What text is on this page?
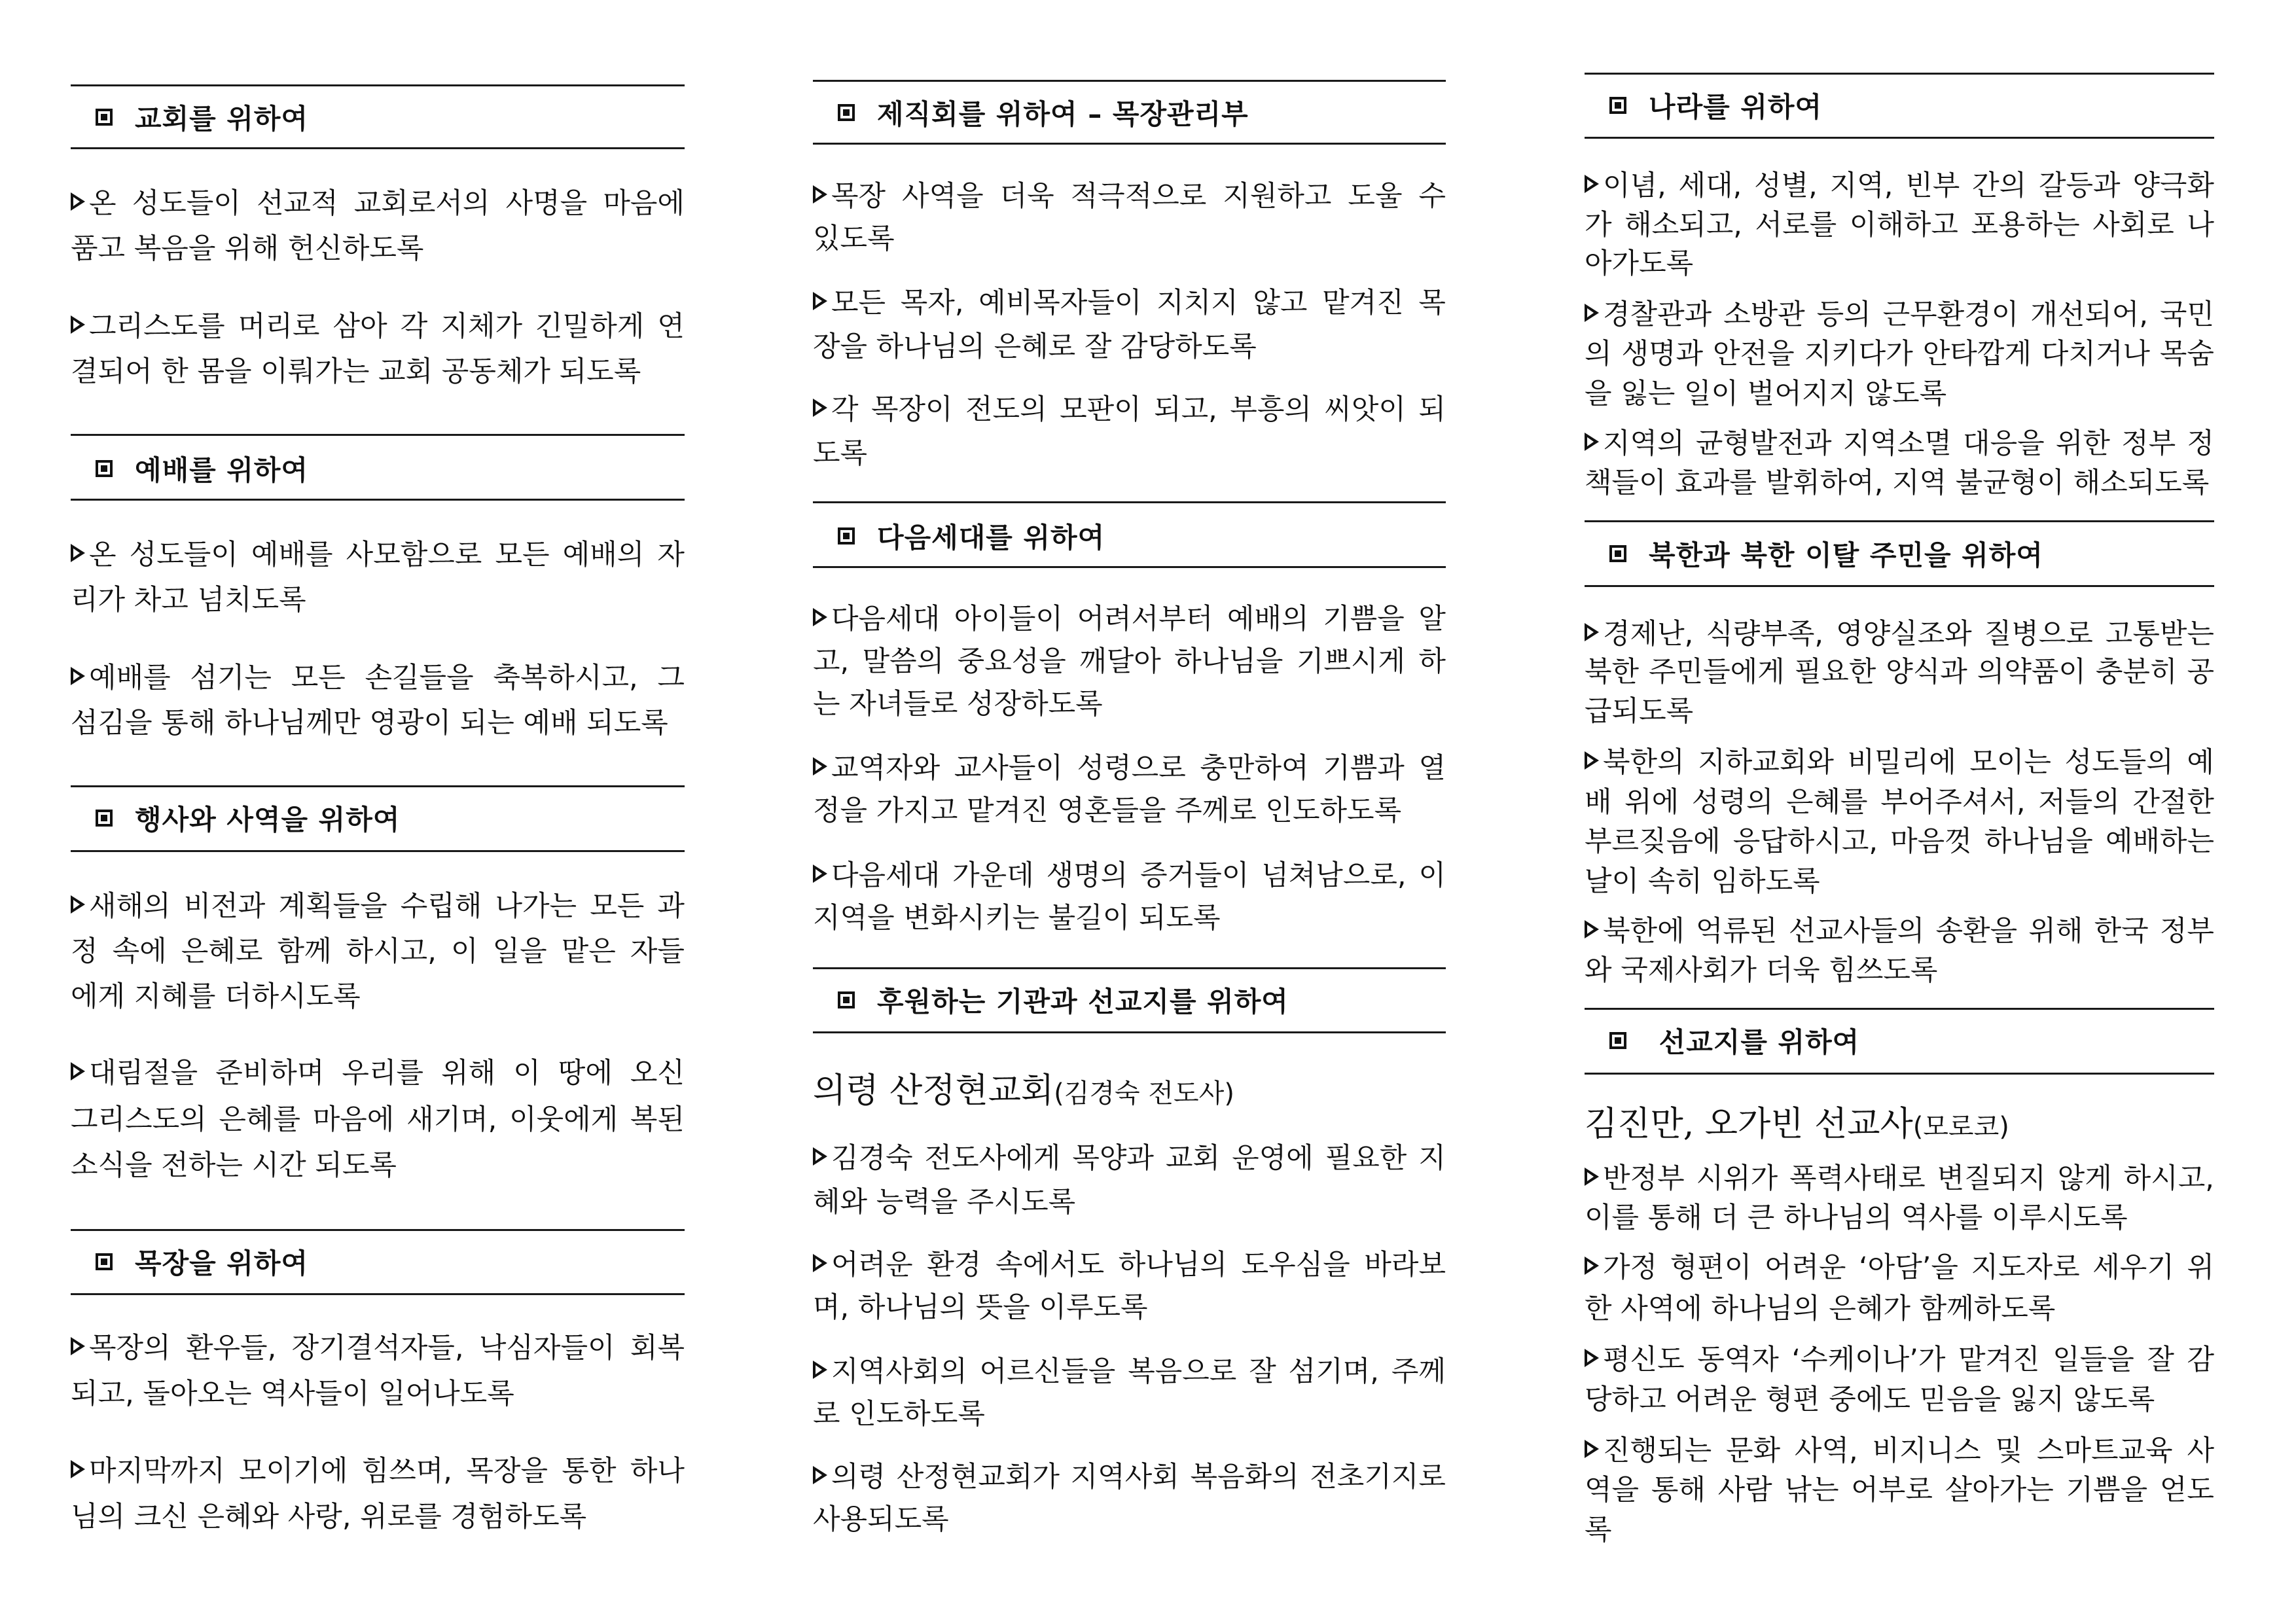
교회를 위하여
온 성도들이 선교적 교회로서의 사명을 마음에
품고 복음을 위해 헌신하도록
그리스도를 머리로 삼아 각 지체가 긴밀하게 연
결되어 한 몸을 이뤄가는 교회 공동체가 되도록
예배를 위하여
온 성도들이 예배를 사모함으로 모든 예배의 자
리가 차고 넘치도록
예배를 섬기는 모든 손길들을 축복하시고, 그
섬김을 통해 하나님께만 영광이 되는 예배 되도록
행사와 사역을 위하여
새해의 비전과 계획들을 수립해 나가는 모든 과
정 속에 은혜로 함께 하시고, 이 일을 맡은 자들
에게 지혜를 더하시도록
대림절을 준비하며 우리를 위해 이 땅에 오신
그리스도의 은혜를 마음에 새기며, 이웃에게 복된
소식을 전하는 시간 되도록
목장을 위하여
목장의 환우들, 장기결석자들, 낙심자들이 회복
되고, 돌아오는 역사들이 일어나도록
마지막까지 모이기에 힘쓰며, 목장을 통한 하나
님의 크신 은혜와 사랑, 위로를 경험하도록
제직회를 위하여 – 목장관리부
목장 사역을 더욱 적극적으로 지원하고 도울 수
있도록
모든 목자, 예비목자들이 지치지 않고 맡겨진 목
장을 하나님의 은혜로 잘 감당하도록
각 목장이 전도의 모판이 되고, 부흥의 씨앗이 되
도록
다음세대를 위하여
다음세대 아이들이 어려서부터 예배의 기쁨을 알
고, 말씀의 중요성을 깨달아 하나님을 기쁘시게 하
는 자녀들로 성장하도록
교역자와 교사들이 성령으로 충만하여 기쁨과 열
정을 가지고 맡겨진 영혼들을 주께로 인도하도록
다음세대 가운데 생명의 증거들이 넘쳐남으로, 이
지역을 변화시키는 불길이 되도록
후원하는 기관과 선교지를 위하여
의령 산정현교회(김경숙 전도사)
김경숙 전도사에게 목양과 교회 운영에 필요한 지
혜와 능력을 주시도록
어려운 환경 속에서도 하나님의 도우심을 바라보
며, 하나님의 뜻을 이루도록
지역사회의 어르신들을 복음으로 잘 섬기며, 주께
로 인도하도록
의령 산정현교회가 지역사회 복음화의 전초기지로
사용되도록
나라를 위하여
이념, 세대, 성별, 지역, 빈부 간의 갈등과 양극화
가 해소되고, 서로를 이해하고 포용하는 사회로 나
아가도록
경찰관과 소방관 등의 근무환경이 개선되어, 국민
의 생명과 안전을 지키다가 안타깝게 다치거나 목숨
을 잃는 일이 벌어지지 않도록
지역의 균형발전과 지역소멸 대응을 위한 정부 정
책들이 효과를 발휘하여, 지역 불균형이 해소되도록
북한과 북한 이탈 주민을 위하여
경제난, 식량부족, 영양실조와 질병으로 고통받는
북한 주민들에게 필요한 양식과 의약품이 충분히 공
급되도록
북한의 지하교회와 비밀리에 모이는 성도들의 예
배 위에 성령의 은혜를 부어주셔서, 저들의 간절한
부르짖음에 응답하시고, 마음껏 하나님을 예배하는
날이 속히 임하도록
북한에 억류된 선교사들의 송환을 위해 한국 정부
와 국제사회가 더욱 힘쓰도록
선교지를 위하여
김진만, 오가빈 선교사(모로코)
반정부 시위가 폭력사태로 변질되지 않게 하시고,
이를 통해 더 큰 하나님의 역사를 이루시도록
가정 형편이 어려운 ‘아담’을 지도자로 세우기 위
한 사역에 하나님의 은혜가 함께하도록
평신도 동역자 ‘수케이나’가 맡겨진 일들을 잘 감
당하고 어려운 형편 중에도 믿음을 잃지 않도록
진행되는 문화 사역, 비지니스 및 스마트교육 사
역을 통해 사람 낚는 어부로 살아가는 기쁨을 얻도
록
